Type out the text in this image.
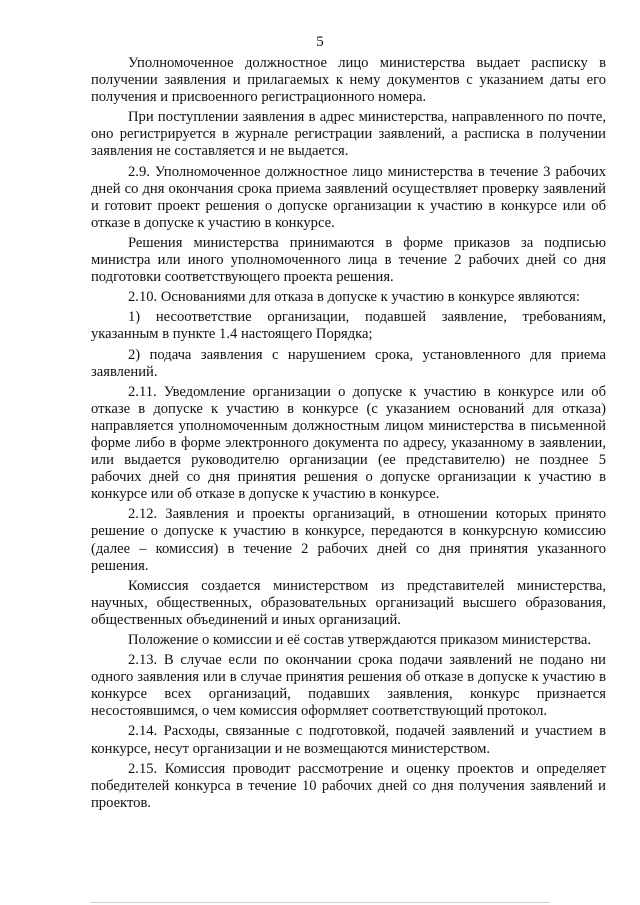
5

Уполномоченное должностное лицо министерства выдает расписку в получении заявления и прилагаемых к нему документов с указанием даты его получения и присвоенного регистрационного номера.

При поступлении заявления в адрес министерства, направленного по почте, оно регистрируется в журнале регистрации заявлений, а расписка в получении заявления не составляется и не выдается.

2.9. Уполномоченное должностное лицо министерства в течение 3 рабочих дней со дня окончания срока приема заявлений осуществляет проверку заявлений и готовит проект решения о допуске организации к участию в конкурсе или об отказе в допуске к участию в конкурсе.

Решения министерства принимаются в форме приказов за подписью министра или иного уполномоченного лица в течение 2 рабочих дней со дня подготовки соответствующего проекта решения.

2.10. Основаниями для отказа в допуске к участию в конкурсе являются:

1) несоответствие организации, подавшей заявление, требованиям, указанным в пункте 1.4 настоящего Порядка;

2) подача заявления с нарушением срока, установленного для приема заявлений.

2.11. Уведомление организации о допуске к участию в конкурсе или об отказе в допуске к участию в конкурсе (с указанием оснований для отказа) направляется уполномоченным должностным лицом министерства в письменной форме либо в форме электронного документа по адресу, указанному в заявлении, или выдается руководителю организации (ее представителю) не позднее 5 рабочих дней со дня принятия решения о допуске организации к участию в конкурсе или об отказе в допуске к участию в конкурсе.

2.12. Заявления и проекты организаций, в отношении которых принято решение о допуске к участию в конкурсе, передаются в конкурсную комиссию (далее – комиссия) в течение 2 рабочих дней со дня принятия указанного решения.

Комиссия создается министерством из представителей министерства, научных, общественных, образовательных организаций высшего образования, общественных объединений и иных организаций.

Положение о комиссии и её состав утверждаются приказом министерства.

2.13. В случае если по окончании срока подачи заявлений не подано ни одного заявления или в случае принятия решения об отказе в допуске к участию в конкурсе всех организаций, подавших заявления, конкурс признается несостоявшимся, о чем комиссия оформляет соответствующий протокол.

2.14. Расходы, связанные с подготовкой, подачей заявлений и участием в конкурсе, несут организации и не возмещаются министерством.

2.15. Комиссия проводит рассмотрение и оценку проектов и определяет победителей конкурса в течение 10 рабочих дней со дня получения заявлений и проектов.
